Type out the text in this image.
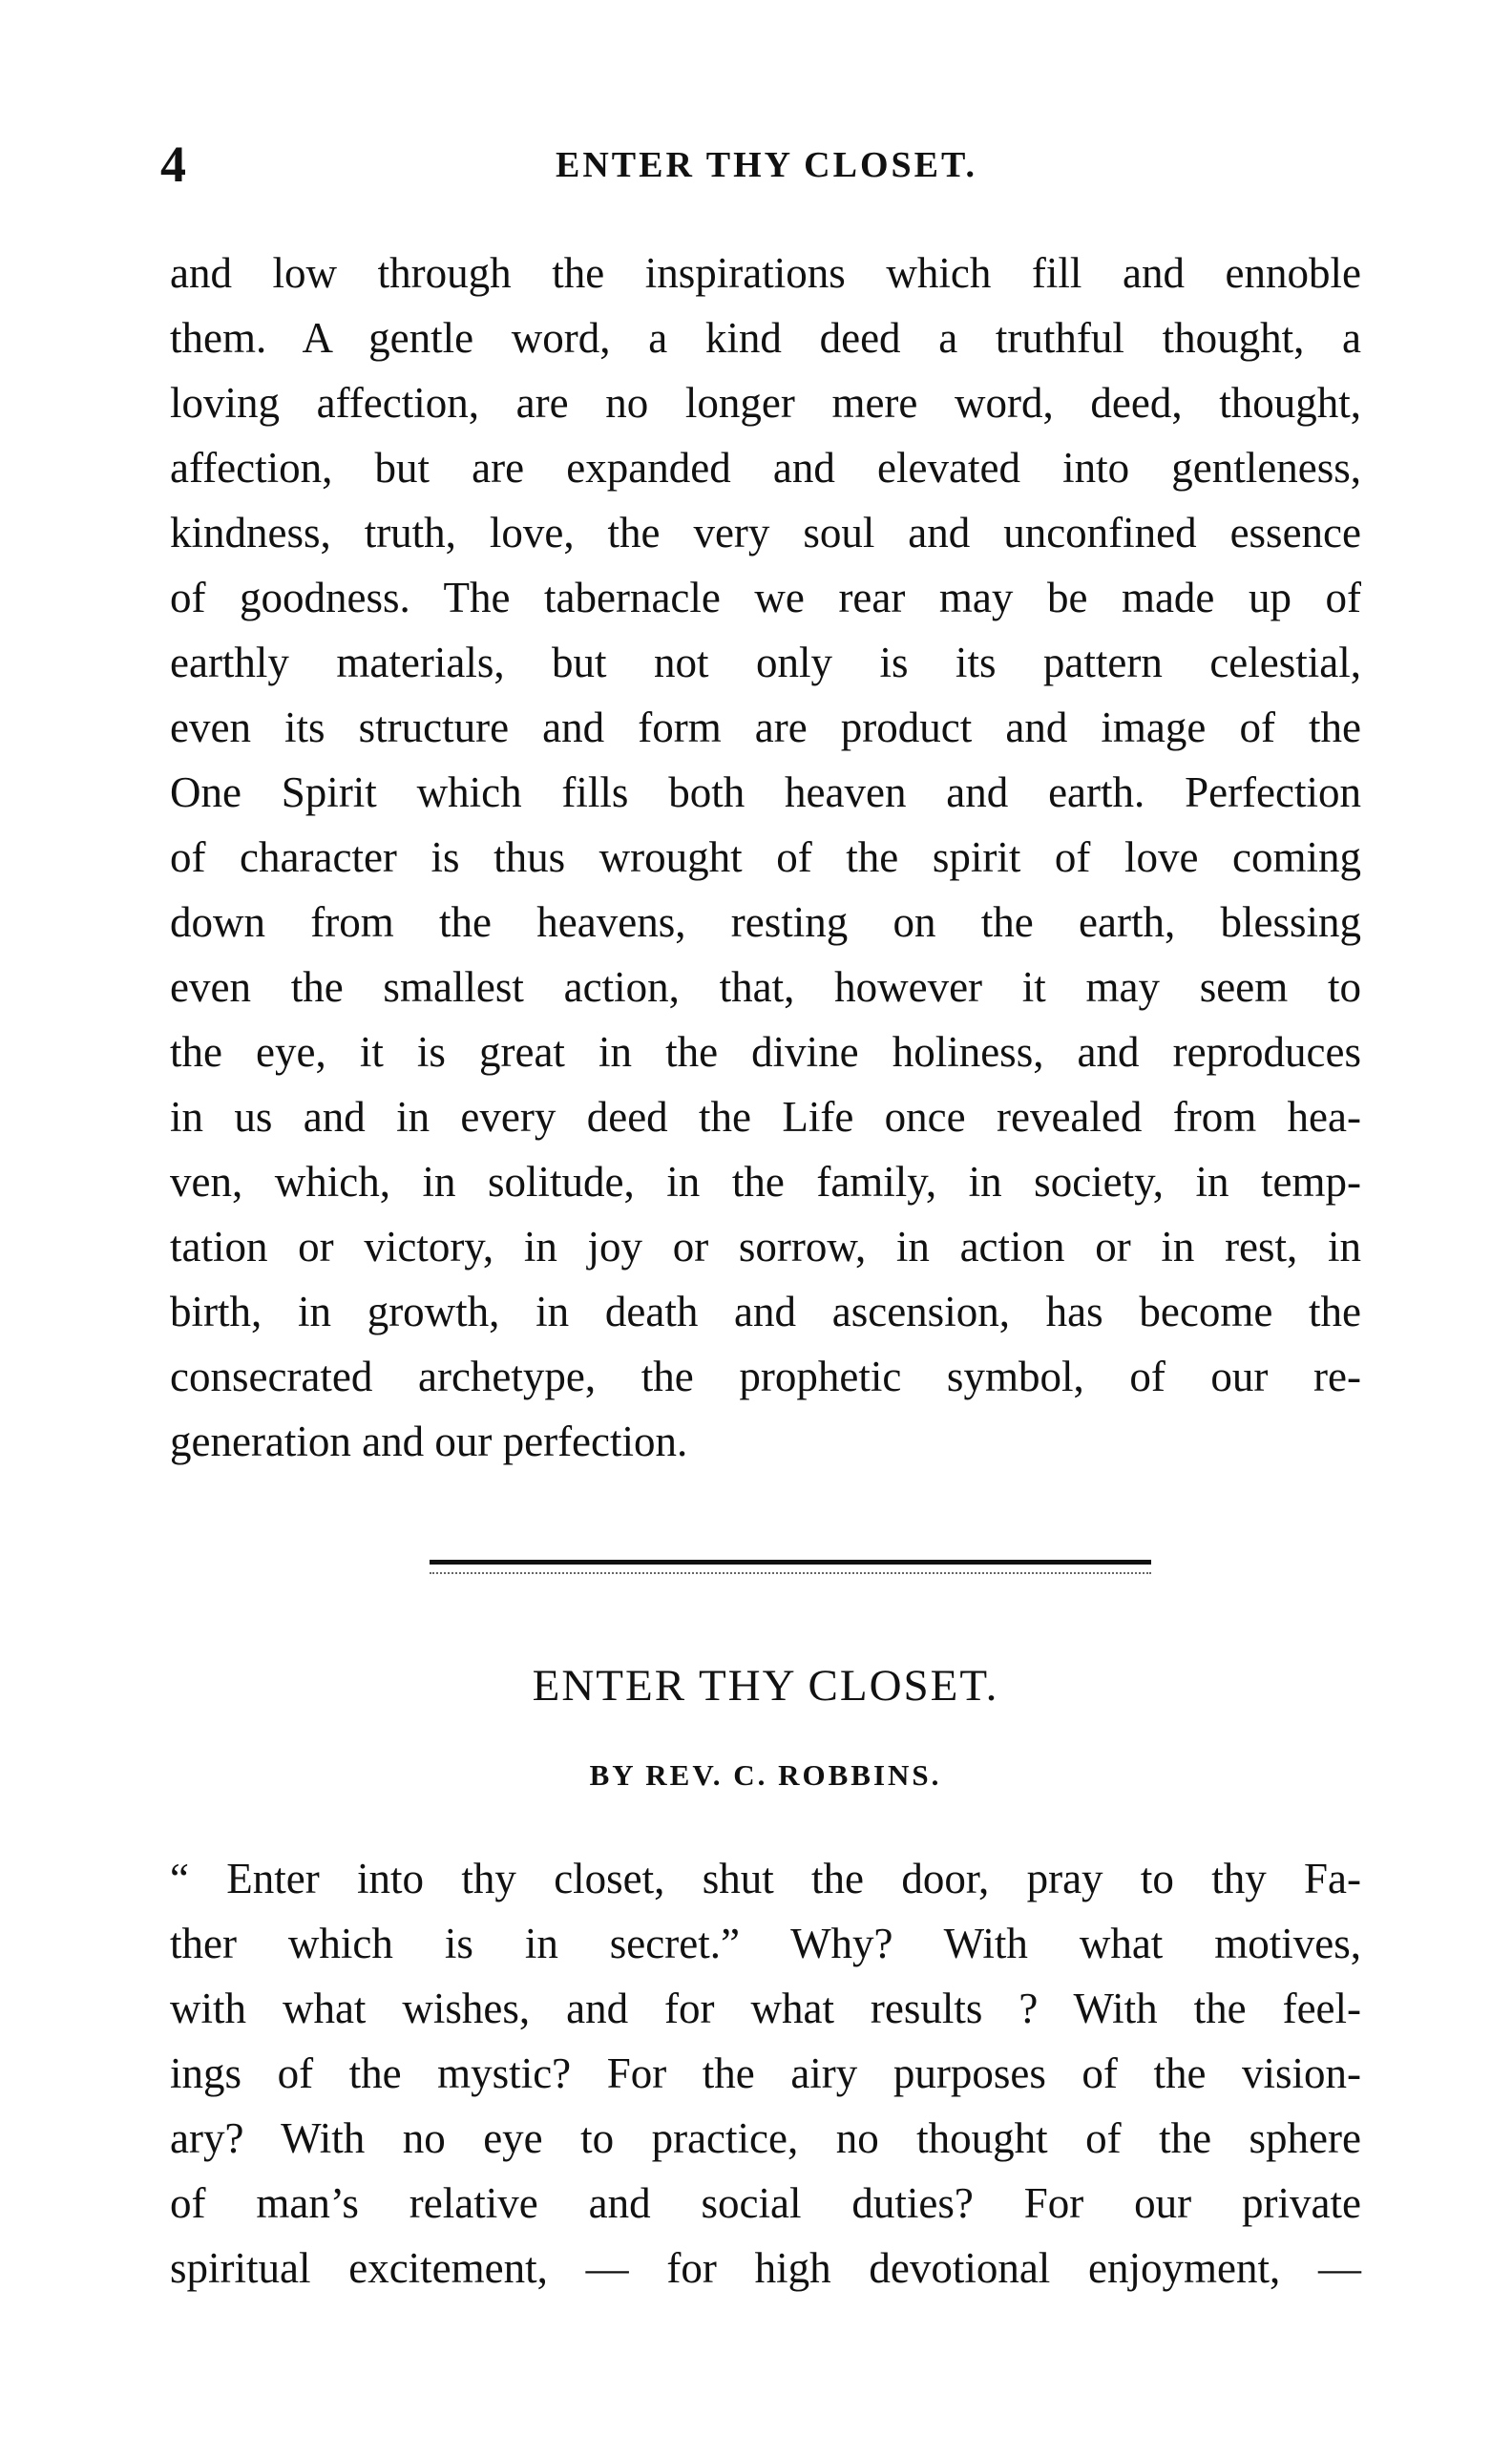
4	ENTER THY CLOSET.
and low through the inspirations which fill and ennoble
them. A gentle word, a kind deed a truthful thought, a
loving affection, are no longer mere word, deed, thought,
affection, but are expanded and elevated into gentleness,
kindness, truth, love, the very soul and unconfined essence
of goodness. The tabernacle we rear may be made up of
earthly materials, but not only is its pattern celestial,
even its structure and form are product and image of the
One Spirit which fills both heaven and earth. Perfection
of character is thus wrought of the spirit of love coming
down from the heavens, resting on the earth, blessing
even the smallest action, that, however it may seem to
the eye, it is great in the divine holiness, and reproduces
in us and in every deed the Life once revealed from hea-
ven, which, in solitude, in the family, in society, in temp-
tation or victory, in joy or sorrow, in action or in rest, in
birth, in growth, in death and ascension, has become the
consecrated archetype, the prophetic symbol, of our re-
generation and our perfection.
ENTER THY CLOSET.
BY REV. C. ROBBINS.
“ Enter into thy closet, shut the door, pray to thy Fa-
ther which is in secret.” Why? With what motives,
with what wishes, and for what results ? With the feel-
ings of the mystic? For the airy purposes of the vision-
ary? With no eye to practice, no thought of the sphere
of man’s relative and social duties? For our private
spiritual excitement, — for high devotional enjoyment, —
